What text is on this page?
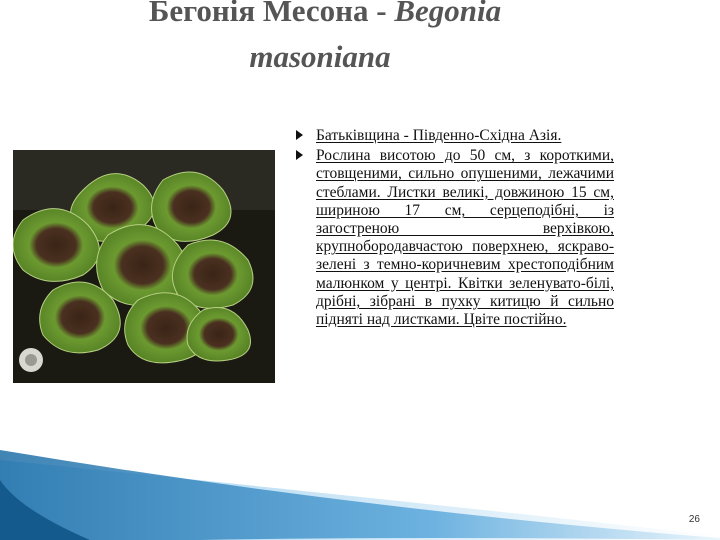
Бегонія Месона - Begonia
masoniana
Батьківщина - Південно-Східна Азія.
Рослина висотою до 50 см, з короткими, стовщеними, сильно опушеними, лежачими стеблами. Листки великі, довжиною 15 см, шириною 17 см, серцеподібні, із загостреною верхівкою, крупнобородавчастою поверхнею, яскраво-зелені з темно-коричневим хрестоподібним малюнком у центрі. Квітки зеленувато-білі, дрібні, зібрані в пухку китицю й сильно підняті над листками. Цвіте постійно.
26
